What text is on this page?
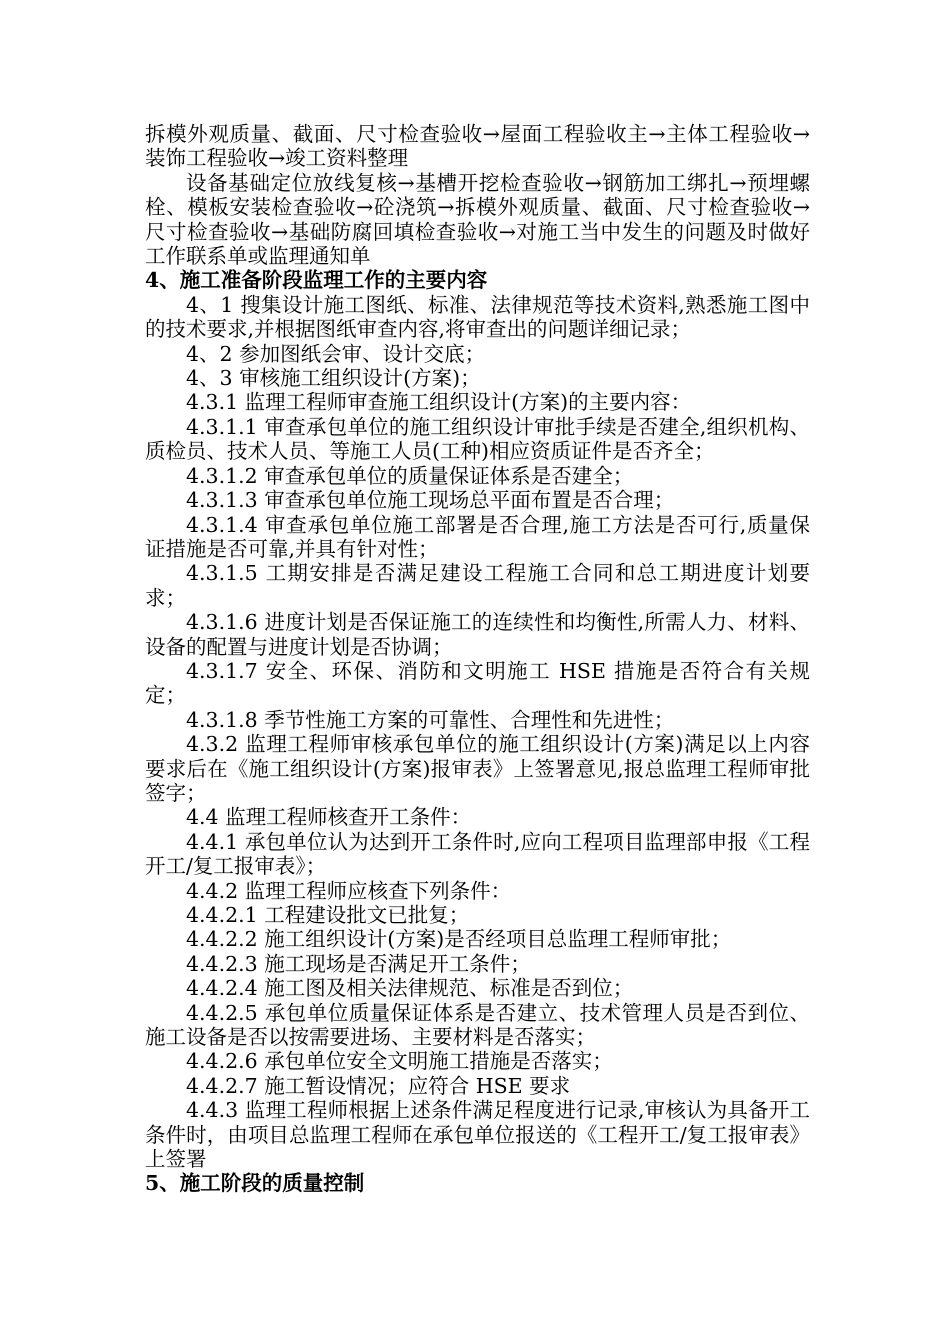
拆模外观质量、截面、尺寸检查验收→屋面工程验收主→主体工程验收→装饰工程验收→竣工资料整理

设备基础定位放线复核→基槽开挖检查验收→钢筋加工绑扎→预埋螺栓、模板安装检查验收→砼浇筑→拆模外观质量、截面、尺寸检查验收→尺寸检查验收→基础防腐回填检查验收→对施工当中发生的问题及时做好工作联系单或监理通知单

4、施工准备阶段监理工作的主要内容

4、1 搜集设计施工图纸、标准、法律规范等技术资料,熟悉施工图中的技术要求,并根据图纸审查内容,将审查出的问题详细记录；

4、2 参加图纸会审、设计交底；

4、3 审核施工组织设计(方案)；

4.3.1 监理工程师审查施工组织设计(方案)的主要内容：

4.3.1.1 审查承包单位的施工组织设计审批手续是否建全,组织机构、质检员、技术人员、等施工人员(工种)相应资质证件是否齐全；

4.3.1.2 审查承包单位的质量保证体系是否建全；

4.3.1.3 审查承包单位施工现场总平面布置是否合理；

4.3.1.4 审查承包单位施工部署是否合理,施工方法是否可行,质量保证措施是否可靠,并具有针对性；

4.3.1.5 工期安排是否满足建设工程施工合同和总工期进度计划要求；

4.3.1.6 进度计划是否保证施工的连续性和均衡性,所需人力、材料、设备的配置与进度计划是否协调；

4.3.1.7 安全、环保、消防和文明施工 HSE 措施是否符合有关规定；

4.3.1.8 季节性施工方案的可靠性、合理性和先进性；

4.3.2 监理工程师审核承包单位的施工组织设计(方案)满足以上内容要求后在《施工组织设计(方案)报审表》上签署意见,报总监理工程师审批签字；

4.4 监理工程师核查开工条件：

4.4.1 承包单位认为达到开工条件时,应向工程项目监理部申报《工程开工/复工报审表》；

4.4.2 监理工程师应核查下列条件：

4.4.2.1 工程建设批文已批复；

4.4.2.2 施工组织设计(方案)是否经项目总监理工程师审批；

4.4.2.3 施工现场是否满足开工条件；

4.4.2.4 施工图及相关法律规范、标准是否到位；

4.4.2.5 承包单位质量保证体系是否建立、技术管理人员是否到位、施工设备是否以按需要进场、主要材料是否落实；

4.4.2.6 承包单位安全文明施工措施是否落实；

4.4.2.7 施工暂设情况；应符合 HSE 要求

4.4.3 监理工程师根据上述条件满足程度进行记录,审核认为具备开工条件时，由项目总监理工程师在承包单位报送的《工程开工/复工报审表》上签署

5、施工阶段的质量控制
